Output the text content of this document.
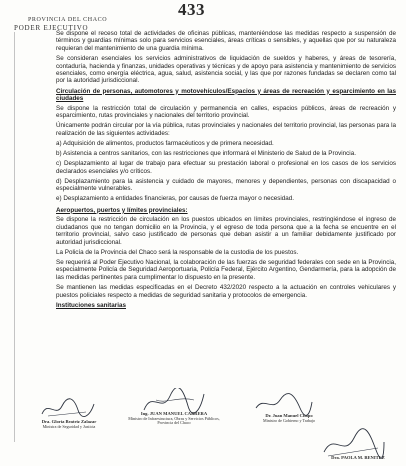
433
PROVINCIA DEL CHACO
PODER EJECUTIVO

Se dispone el receso total de actividades de oficinas públicas, manteniéndose las medidas respecto a suspensión de términos y guardias mínimas solo para servicios esenciales, áreas críticas o sensibles, y aquellas que por su naturaleza requieran del mantenimiento de una guardia mínima.

Se consideran esenciales los servicios administrativos de liquidación de sueldos y haberes, y áreas de tesorería, contaduría, hacienda y finanzas, unidades operativas y técnicas y de apoyo para asistencia y mantenimiento de servicios esenciales, como energía eléctrica, agua, salud, asistencia social, y las que por razones fundadas se declaren como tal por la autoridad jurisdiccional.

Circulación de personas, automotores y motovehículos/Espacios y áreas de recreación y esparcimiento en las ciudades

Se dispone la restricción total de circulación y permanencia en calles, espacios públicos, áreas de recreación y esparcimiento, rutas provinciales y nacionales del territorio provincial.

Únicamente podrán circular por la vía pública, rutas provinciales y nacionales del territorio provincial, las personas para la realización de las siguientes actividades:

a) Adquisición de alimentos, productos farmacéuticos y de primera necesidad.

b) Asistencia a centros sanitarios, con las restricciones que informará el Ministerio de Salud de la Provincia.

c) Desplazamiento al lugar de trabajo para efectuar su prestación laboral o profesional en los casos de los servicios declarados esenciales y/o críticos.

d) Desplazamiento para la asistencia y cuidado de mayores, menores y dependientes, personas con discapacidad o especialmente vulnerables.

e) Desplazamiento a entidades financieras, por causas de fuerza mayor o necesidad.

Aeropuertos, puertos y límites provinciales:

Se dispone la restricción de circulación en los puestos ubicados en límites provinciales, restringiéndose el ingreso de ciudadanos que no tengan domicilio en la Provincia, y el egreso de toda persona que a la fecha se encuentre en el territorio provincial, salvo caso justificado de personas que deban asistir a un familiar debidamente justificado por autoridad jurisdiccional.

La Policía de la Provincia del Chaco será la responsable de la custodia de los puestos.

Se requerirá al Poder Ejecutivo Nacional, la colaboración de las fuerzas de seguridad federales con sede en la Provincia, especialmente Policía de Seguridad Aeroportuaria, Policía Federal, Ejército Argentino, Gendarmería, para la adopción de las medidas pertinentes para cumplimentar lo dispuesto en la presente.

Se mantienen las medidas especificadas en el Decreto 432/2020 respecto a la actuación en controles vehiculares y puestos policiales respecto a medidas de seguridad sanitaria y protocolos de emergencia.

Instituciones sanitarias

Dra. Gloria Beatriz Zalazar
Ministra de Seguridad y Justicia
Ing. JUAN MANUEL CABRERA
Ministro de Infraestructura, Obras y Servicios Públicos, Provincia del Chaco
Dr. Juan Manuel Chapo
Ministro de Gobierno y Trabajo
Dra. PAOLA M. BENITEZ
